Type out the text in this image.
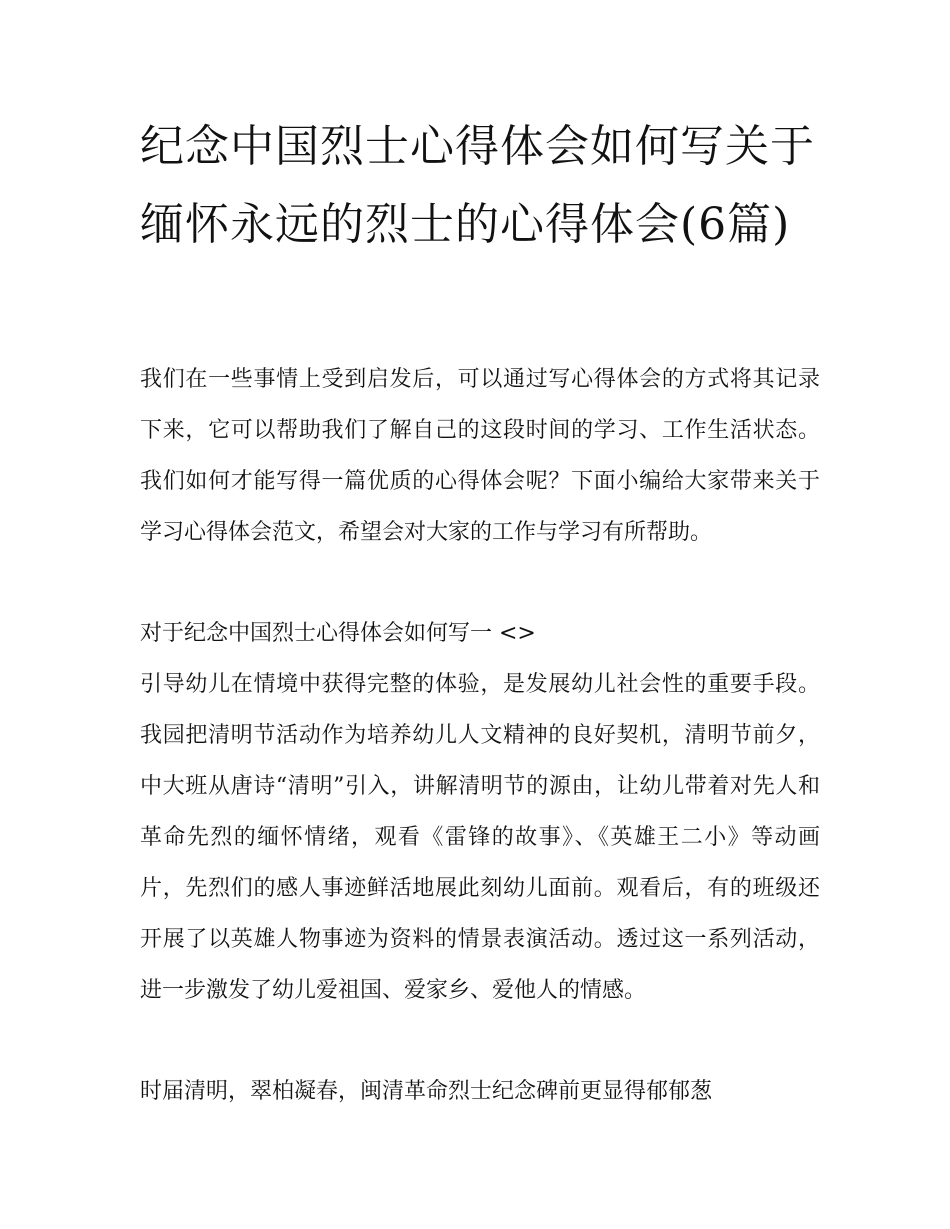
纪念中国烈士心得体会如何写关于缅怀永远的烈士的心得体会(6篇)

我们在一些事情上受到启发后，可以通过写心得体会的方式将其记录下来，它可以帮助我们了解自己的这段时间的学习、工作生活状态。我们如何才能写得一篇优质的心得体会呢？下面小编给大家带来关于学习心得体会范文，希望会对大家的工作与学习有所帮助。

对于纪念中国烈士心得体会如何写一 <>

引导幼儿在情境中获得完整的体验，是发展幼儿社会性的重要手段。我园把清明节活动作为培养幼儿人文精神的良好契机，清明节前夕，中大班从唐诗“清明”引入，讲解清明节的源由，让幼儿带着对先人和革命先烈的缅怀情绪，观看《雷锋的故事》、《英雄王二小》等动画片，先烈们的感人事迹鲜活地展此刻幼儿面前。观看后，有的班级还开展了以英雄人物事迹为资料的情景表演活动。透过这一系列活动，进一步激发了幼儿爱祖国、爱家乡、爱他人的情感。

时届清明，翠柏凝春，闽清革命烈士纪念碑前更显得郁郁葱
